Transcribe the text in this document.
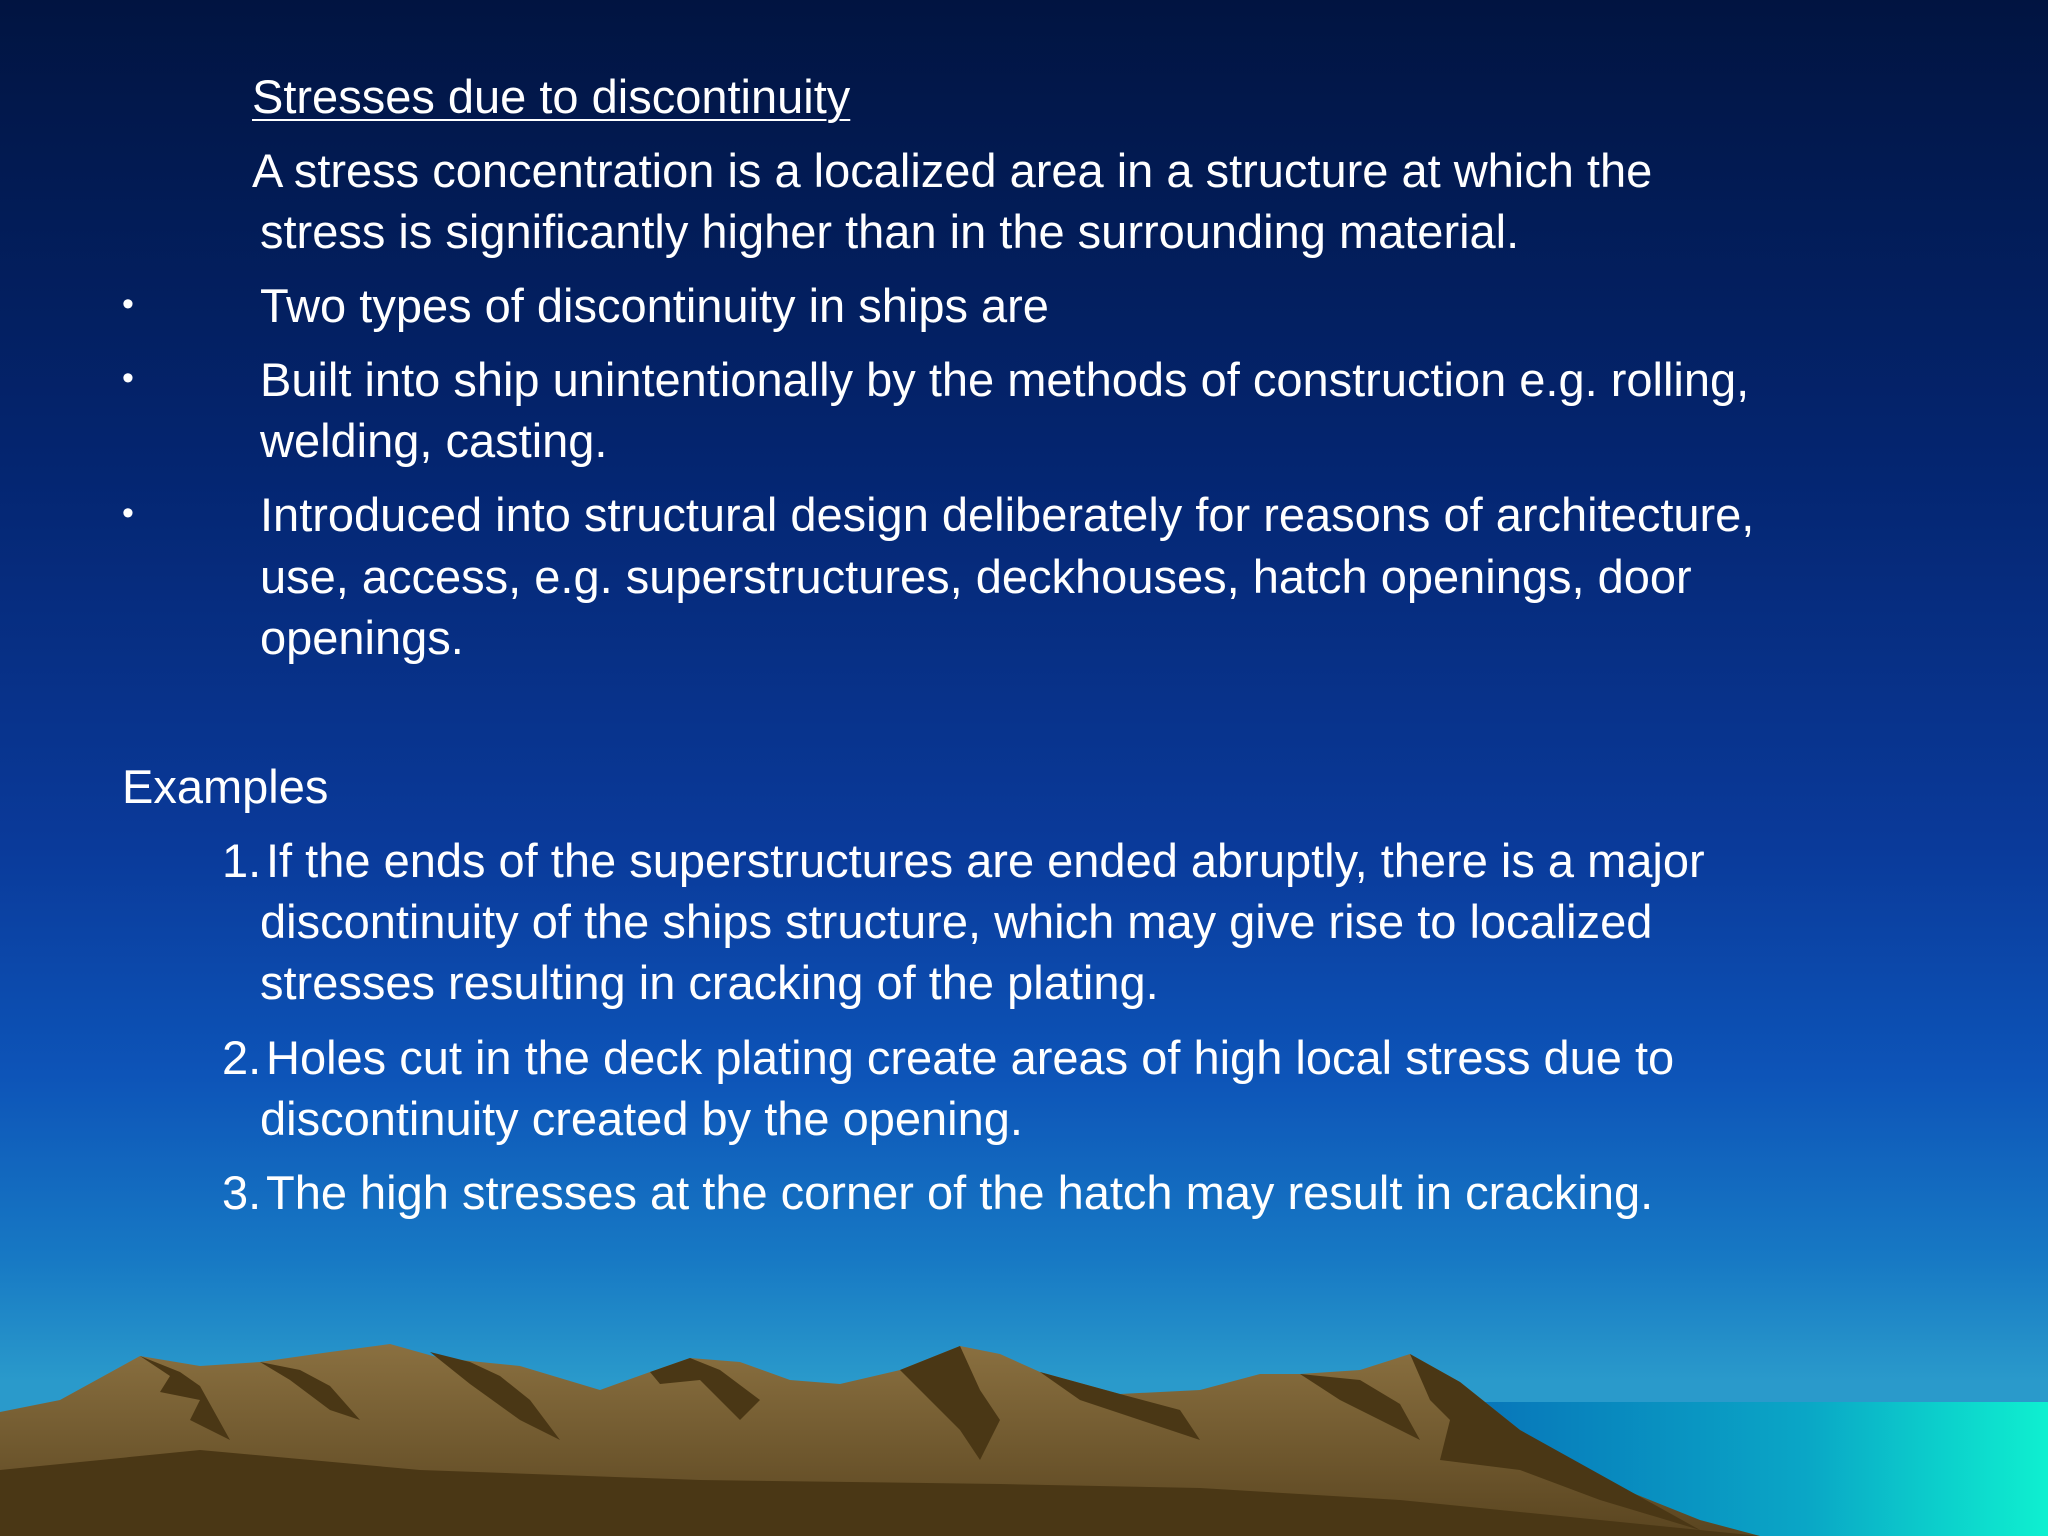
Stresses due to discontinuity
A stress concentration is a localized area in a structure at which the
stress is significantly higher than in the surrounding material.
•	Two types of discontinuity in ships are
•	Built into ship unintentionally by the methods of construction e.g. rolling,
welding, casting.
•	Introduced into structural design deliberately for reasons of architecture,
use, access, e.g. superstructures, deckhouses, hatch openings, door
openings.
Examples
1. If the ends of the superstructures are ended abruptly, there is a major
discontinuity of the ships structure, which may give rise to localized
stresses resulting in cracking of the plating.
2. Holes cut in the deck plating create areas of high local stress due to
discontinuity created by the opening.
3. The high stresses at the corner of the hatch may result in cracking.
